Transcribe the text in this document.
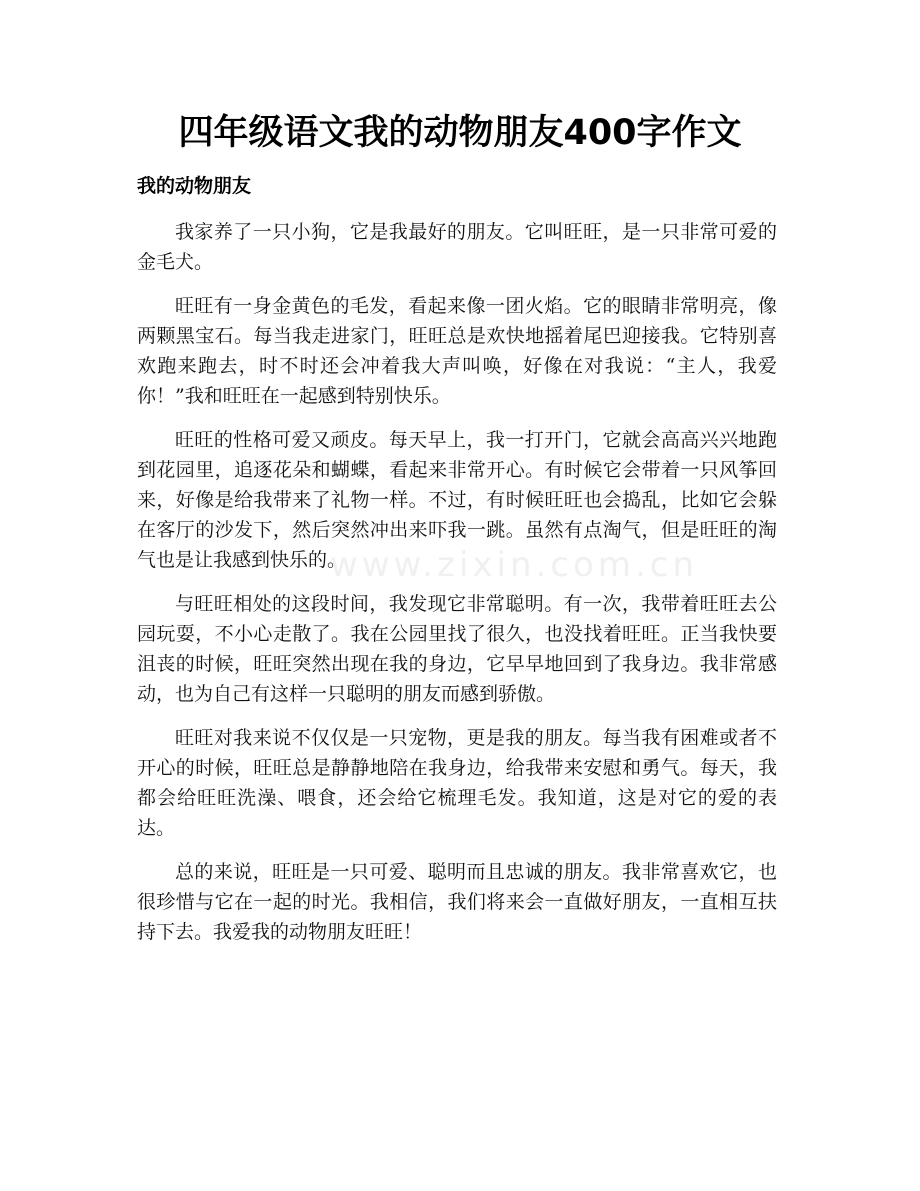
四年级语文我的动物朋友400字作文
我的动物朋友

我家养了一只小狗，它是我最好的朋友。它叫旺旺，是一只非常可爱的金毛犬。

旺旺有一身金黄色的毛发，看起来像一团火焰。它的眼睛非常明亮，像两颗黑宝石。每当我走进家门，旺旺总是欢快地摇着尾巴迎接我。它特别喜欢跑来跑去，时不时还会冲着我大声叫唤，好像在对我说：“主人，我爱你！”我和旺旺在一起感到特别快乐。

旺旺的性格可爱又顽皮。每天早上，我一打开门，它就会高高兴兴地跑到花园里，追逐花朵和蝴蝶，看起来非常开心。有时候它会带着一只风筝回来，好像是给我带来了礼物一样。不过，有时候旺旺也会捣乱，比如它会躲在客厅的沙发下，然后突然冲出来吓我一跳。虽然有点淘气，但是旺旺的淘气也是让我感到快乐的。

与旺旺相处的这段时间，我发现它非常聪明。有一次，我带着旺旺去公园玩耍，不小心走散了。我在公园里找了很久，也没找着旺旺。正当我快要沮丧的时候，旺旺突然出现在我的身边，它早早地回到了我身边。我非常感动，也为自己有这样一只聪明的朋友而感到骄傲。

旺旺对我来说不仅仅是一只宠物，更是我的朋友。每当我有困难或者不开心的时候，旺旺总是静静地陪在我身边，给我带来安慰和勇气。每天，我都会给旺旺洗澡、喂食，还会给它梳理毛发。我知道，这是对它的爱的表达。

总的来说，旺旺是一只可爱、聪明而且忠诚的朋友。我非常喜欢它，也很珍惜与它在一起的时光。我相信，我们将来会一直做好朋友，一直相互扶持下去。我爱我的动物朋友旺旺！

www.zixin.com.cn
